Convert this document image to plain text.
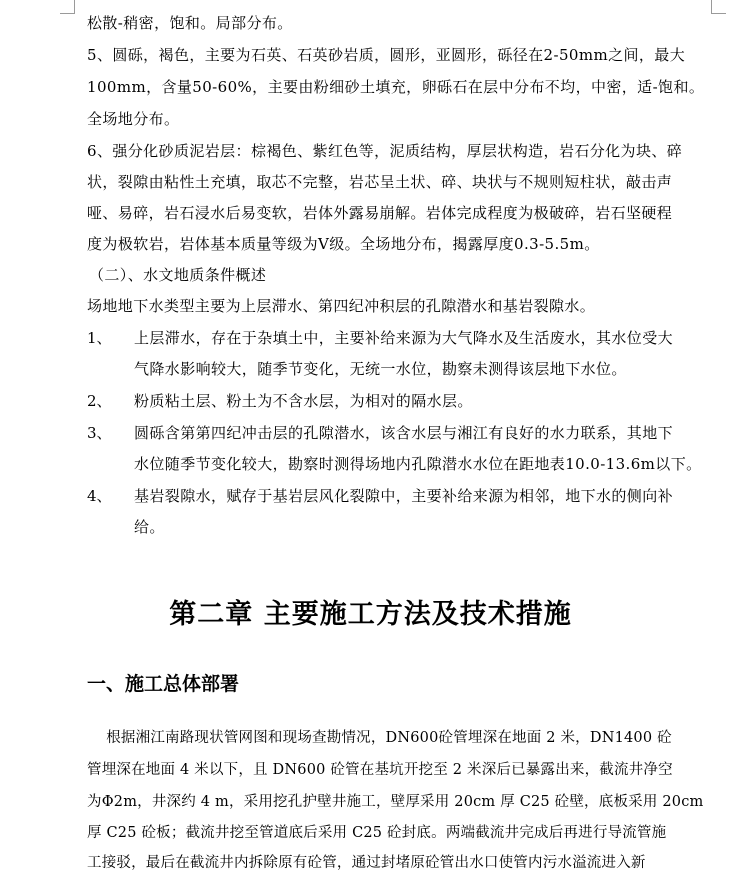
松散-稍密，饱和。局部分布。
5、圆砾，褐色，主要为石英、石英砂岩质，圆形，亚圆形，砾径在2-50mm之间，最大
100mm，含量50-60%，主要由粉细砂土填充，卵砾石在层中分布不均，中密，适-饱和。
全场地分布。
6、强分化砂质泥岩层：棕褐色、紫红色等，泥质结构，厚层状构造，岩石分化为块、碎
状，裂隙由粘性土充填，取芯不完整，岩芯呈土状、碎、块状与不规则短柱状，敲击声
哑、易碎，岩石浸水后易变软，岩体外露易崩解。岩体完成程度为极破碎，岩石坚硬程
度为极软岩，岩体基本质量等级为Ⅴ级。全场地分布，揭露厚度0.3-5.5m。
（二）、水文地质条件概述
场地地下水类型主要为上层滞水、第四纪冲积层的孔隙潜水和基岩裂隙水。
1、 上层滞水，存在于杂填土中，主要补给来源为大气降水及生活废水，其水位受大
气降水影响较大，随季节变化，无统一水位，勘察未测得该层地下水位。
2、 粉质粘土层、粉土为不含水层，为相对的隔水层。
3、 圆砾含第第四纪冲击层的孔隙潜水，该含水层与湘江有良好的水力联系，其地下
水位随季节变化较大，勘察时测得场地内孔隙潜水水位在距地表10.0-13.6m以下。
4、 基岩裂隙水，赋存于基岩层风化裂隙中，主要补给来源为相邻，地下水的侧向补
给。
第二章 主要施工方法及技术措施
一、施工总体部署
根据湘江南路现状管网图和现场查勘情况，DN600砼管埋深在地面 2 米，DN1400 砼
管埋深在地面 4 米以下，且 DN600 砼管在基坑开挖至 2 米深后已暴露出来，截流井净空
为Φ2m，井深约 4 m，采用挖孔护壁井施工，壁厚采用 20cm 厚 C25 砼壁，底板采用 20cm
厚 C25 砼板；截流井挖至管道底后采用 C25 砼封底。两端截流井完成后再进行导流管施
工接驳，最后在截流井内拆除原有砼管，通过封堵原砼管出水口使管内污水溢流进入新
